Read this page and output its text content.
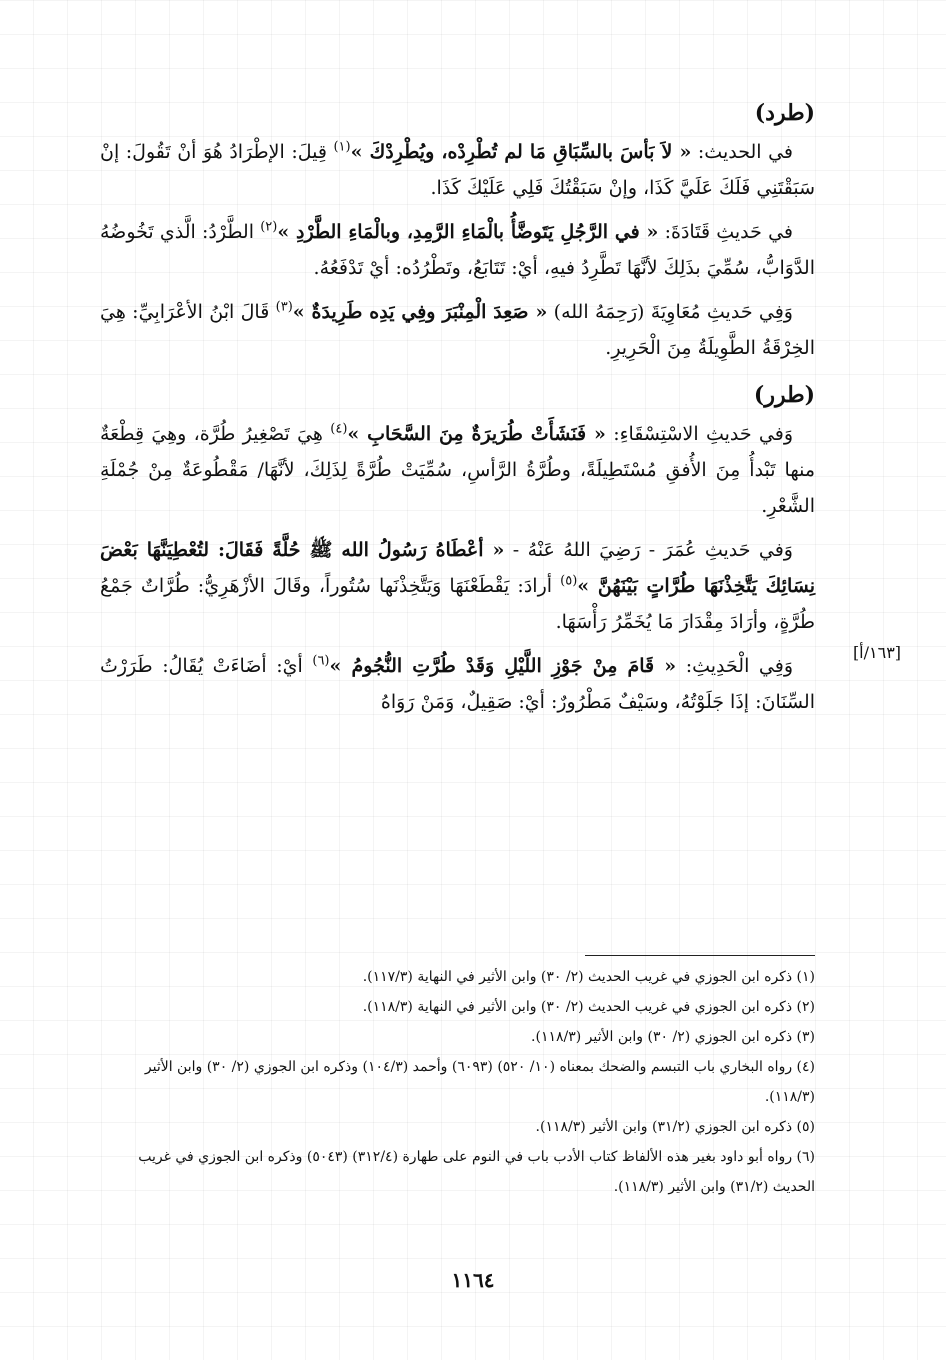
(طرد)

في الحديث: « لاَ بَأسَ بالسِّبَاقِ مَا لم تُطْرِدْه، ويُطْرِدْكَ »$^{(١)}$ قِيلَ: الإطْرَادُ هُوَ أنْ تَقُولَ: إنْ سَبَقْتَنِي فَلَكَ عَلَيَّ كَذَا، وإنْ سَبَقْتُكَ فَلِي عَلَيْكَ كَذَا.

في حَديثِ قَتَادَةَ: « في الرَّجُلِ يَتَوضَّأُ بالْمَاءِ الرَّمِدِ، وبالْمَاءِ الطَّرْدِ »$^{(٢)}$ الطَّرْدُ: الَّذي تَخُوضُهُ الدَّوَابُّ، سُمِّيَ بذَلِكَ لأنَّهَا تَطَّرِدُ فيهِ، أيْ: تَتَابَعُ، وتَطْرُدُه: أيْ تَدْفَعُهُ.

وَفِي حَديثِ مُعَاوِيَةَ (رَحِمَهُ الله) « صَعِدَ الْمِنْبَرَ وفِي يَدِه طَرِيدَةٌ »$^{(٣)}$ قَالَ ابْنُ الأعْرَابِيِّ: هِيَ الخِرْقَةُ الطَّوِيلَةُ مِنَ الْحَرِيرِ.

(طرر)

وَفي حَديثِ الاسْتِسْقَاءِ: « فَنَشَأَتْ طُرَيرَةٌ مِنَ السَّحَابِ »$^{(٤)}$ هِيَ تَصْغِيرُ طُرَّة، وهِيَ قِطْعَةٌ منها تَبْدأُ مِنَ الأُفقِ مُسْتَطِيلَةً، وطُرَّةُ الرَّأسِ، سُمِّيَتْ طُرَّةً لِذَلِكَ، لأنَّهَا/ مَقْطُوعَةٌ مِنْ جُمْلَةِ الشَّعْرِ.

وَفي حَديثِ عُمَرَ - رَضِيَ اللهُ عَنْهُ - « أعْطَاهُ رَسُولُ الله ﷺ حُلَّةً فَقَالَ: لتُعْطِيَنَّهَا بَعْضَ نِسَائِكَ يَتَّخِذْنَهَا طُرَّاتٍ بَيْنَهُنَّ »$^{(٥)}$ أرادَ: يَقْطَعْنَهَا وَيَتَّخِذْنَها سُتُوراً، وقَالَ الأزْهَرِيُّ: طُرَّاتٌ جَمْعُ طُرَّةٍ، وأرَادَ مِقْدَارَ مَا يُخَمِّرُ رَأْسَهَا.

وَفِي الْحَدِيثِ: « قَامَ مِنْ جَوْزِ اللَّيْلِ وَقَدْ طُرَّتِ النُّجُومُ »$^{(٦)}$ أيْ: أضَاءَتْ يُقَالُ: طَرَرْتُ السِّنَانَ: إذَا جَلَوْتُهُ، وسَيْفٌ مَطْرُورٌ: أيْ: صَقِيلٌ، وَمَنْ رَوَاهُ

[١٦٣/أ]
(١) ذكره ابن الجوزي في غريب الحديث (٢/ ٣٠) وابن الأثير في النهاية (١١٧/٣).
(٢) ذكره ابن الجوزي في غريب الحديث (٢/ ٣٠) وابن الأثير في النهاية (١١٨/٣).
(٣) ذكره ابن الجوزي (٢/ ٣٠) وابن الأثير (١١٨/٣).
(٤) رواه البخاري باب التبسم والضحك بمعناه (١٠/ ٥٢٠) (٦٠٩٣) وأحمد (١٠٤/٣) وذكره ابن الجوزي (٢/ ٣٠) وابن الأثير (١١٨/٣).
(٥) ذكره ابن الجوزي (٣١/٢) وابن الأثير (١١٨/٣).
(٦) رواه أبو داود بغير هذه الألفاظ كتاب الأدب باب في النوم على طهارة (٣١٢/٤) (٥٠٤٣) وذكره ابن الجوزي في غريب الحديث (٣١/٢) وابن الأثير (١١٨/٣).
١١٦٤
